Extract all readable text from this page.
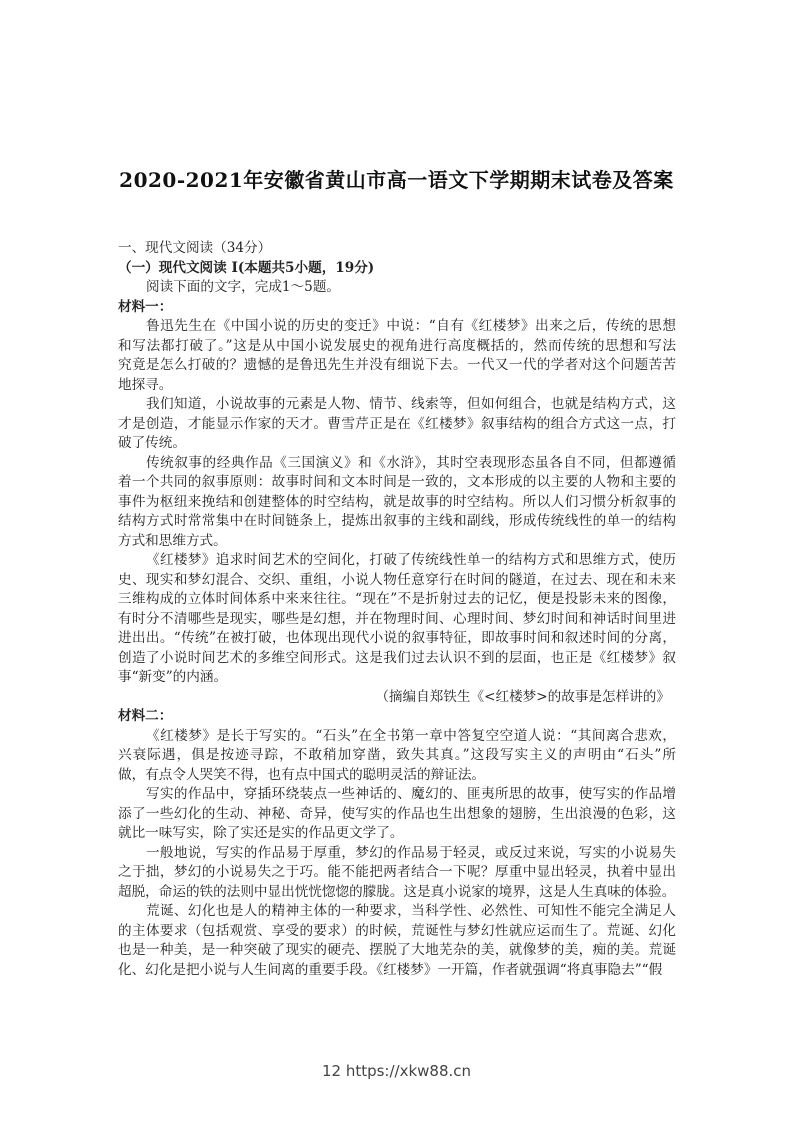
2020-2021年安徽省黄山市高一语文下学期期末试卷及答案
一、现代文阅读（34分）
（一）现代文阅读 I(本题共5小题，19分)
阅读下面的文字，完成1～5题。
材料一：
鲁迅先生在《中国小说的历史的变迁》中说：“自有《红楼梦》出来之后，传统的思想
和写法都打破了。”这是从中国小说发展史的视角进行高度概括的，然而传统的思想和写法
究竟是怎么打破的？遗憾的是鲁迅先生并没有细说下去。一代又一代的学者对这个问题苦苦
地探寻。
我们知道，小说故事的元素是人物、情节、线索等，但如何组合，也就是结构方式，这
才是创造，才能显示作家的天才。曹雪芹正是在《红楼梦》叙事结构的组合方式这一点，打
破了传统。
传统叙事的经典作品《三国演义》和《水浒》，其时空表现形态虽各自不同，但都遵循
着一个共同的叙事原则：故事时间和文本时间是一致的，文本形成的以主要的人物和主要的
事件为枢纽来挽结和创建整体的时空结构，就是故事的时空结构。所以人们习惯分析叙事的
结构方式时常常集中在时间链条上，提炼出叙事的主线和副线，形成传统线性的单一的结构
方式和思维方式。
《红楼梦》追求时间艺术的空间化，打破了传统线性单一的结构方式和思维方式，使历
史、现实和梦幻混合、交织、重组，小说人物任意穿行在时间的隧道，在过去、现在和未来
三维构成的立体时间体系中来来往往。“现在”不是折射过去的记忆，便是投影未来的图像，
有时分不清哪些是现实，哪些是幻想，并在物理时间、心理时间、梦幻时间和神话时间里进
进出出。“传统”在被打破，也体现出现代小说的叙事特征，即故事时间和叙述时间的分离，
创造了小说时间艺术的多维空间形式。这是我们过去认识不到的层面，也正是《红楼梦》叙
事“新变”的内涵。
（摘编自郑铁生《<红楼梦>的故事是怎样讲的》
材料二：
《红楼梦》是长于写实的。“石头”在全书第一章中答复空空道人说：“其间离合悲欢，
兴衰际遇，俱是按迹寻踪，不敢稍加穿凿，致失其真。”这段写实主义的声明由“石头”所
做，有点令人哭笑不得，也有点中国式的聪明灵活的辩证法。
写实的作品中，穿插环绕装点一些神话的、魔幻的、匪夷所思的故事，使写实的作品增
添了一些幻化的生动、神秘、奇异，使写实的作品也生出想象的翅膀，生出浪漫的色彩，这
就比一味写实，除了实还是实的作品更文学了。
一般地说，写实的作品易于厚重，梦幻的作品易于轻灵，或反过来说，写实的小说易失
之于拙，梦幻的小说易失之于巧。能不能把两者结合一下呢？厚重中显出轻灵，执着中显出
超脱，命运的铁的法则中显出恍恍惚惚的朦胧。这是真小说家的境界，这是人生真味的体验。
荒诞、幻化也是人的精神主体的一种要求，当科学性、必然性、可知性不能完全满足人
的主体要求（包括观赏、享受的要求）的时候，荒诞性与梦幻性就应运而生了。荒诞、幻化
也是一种美，是一种突破了现实的硬壳、摆脱了大地芜杂的美，就像梦的美，痴的美。荒诞
化、幻化是把小说与人生间离的重要手段。《红楼梦》一开篇，作者就强调“将真事隐去”“假
12 https://xkw88.cn
